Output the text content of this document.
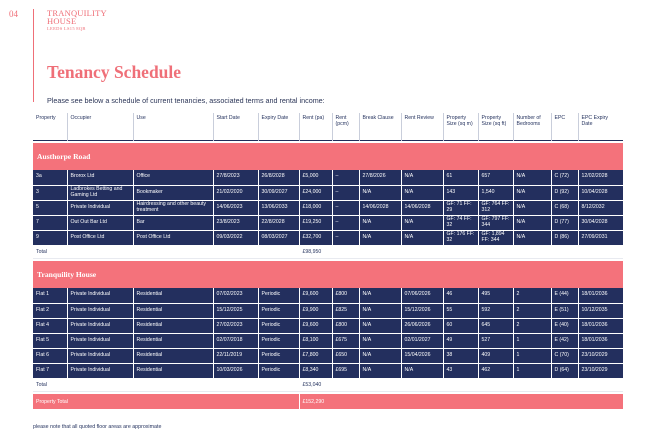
04	TRANQUILITY
HOUSE
LEEDS LS15 8QB
Tenancy Schedule
Please see below a schedule of current tenancies, associated terms and rental income:
Property	Occupier	Use	Start Date	Expiry Date	Rent (pa)	Rent (pcm)	Break Clause	Rent Review	Property Size (sq m)	Property Size (sq ft)	Number of Bedrooms	EPC	EPC Expiry Date

Austhorpe Road													
3a	Brorox Ltd	Office	27/8/2023	26/8/2028	£5,000	–	27/8/2026	N/A	61	657	N/A	C (72)	12/02/2028
3	Ladbrokes Betting and Gaming Ltd	Bookmaker	21/02/2020	30/09/2027	£24,000	–	N/A	N/A	143	1,540	N/A	D (92)	10/04/2028
5	Private Individual	Hairdressing and other beauty treatment	14/06/2023	13/06/2033	£18,000	–	14/06/2028	14/06/2028	GF: 71 FF: 29	GF: 764 FF: 312	N/A	C (68)	8/12/2032
7	Out Out Bar Ltd	Bar	23/8/2023	22/8/2028	£19,250	–	N/A	N/A	GF: 74 FF: 32	GF: 797 FF: 344	N/A	D (77)	30/04/2028
9	Post Office Ltd	Post Office Ltd	09/03/2022	08/03/2027	£32,700	–	N/A	N/A	GF: 176 FF: 32	GF: 1,894 FF: 344	N/A	D (86)	27/09/2031
Total					£98,950								

Tranquility House													
Flat 1	Private Individual	Residential	07/02/2023	Periodic	£9,600	£800	N/A	07/06/2026	46	495	2	E (44)	18/01/2036
Flat 2	Private Individual	Residential	15/12/2025	Periodic	£9,900	£825	N/A	15/12/2026	55	592	2	E (51)	10/12/2035
Flat 4	Private Individual	Residential	27/02/2023	Periodic	£9,600	£800	N/A	26/06/2026	60	645	2	E (40)	18/01/2036
Flat 5	Private Individual	Residential	02/07/2018	Periodic	£8,100	£675	N/A	02/01/2027	49	527	1	E (42)	18/01/2036
Flat 6	Private Individual	Residential	22/11/2019	Periodic	£7,800	£650	N/A	15/04/2026	38	409	1	C (70)	23/10/2029
Flat 7	Private Individual	Residential	10/03/2026	Periodic	£8,340	£695	N/A	N/A	43	462	1	D (64)	23/10/2029
Total					£53,040								

Property Total					£152,290								
please note that all quoted floor areas are approximate
